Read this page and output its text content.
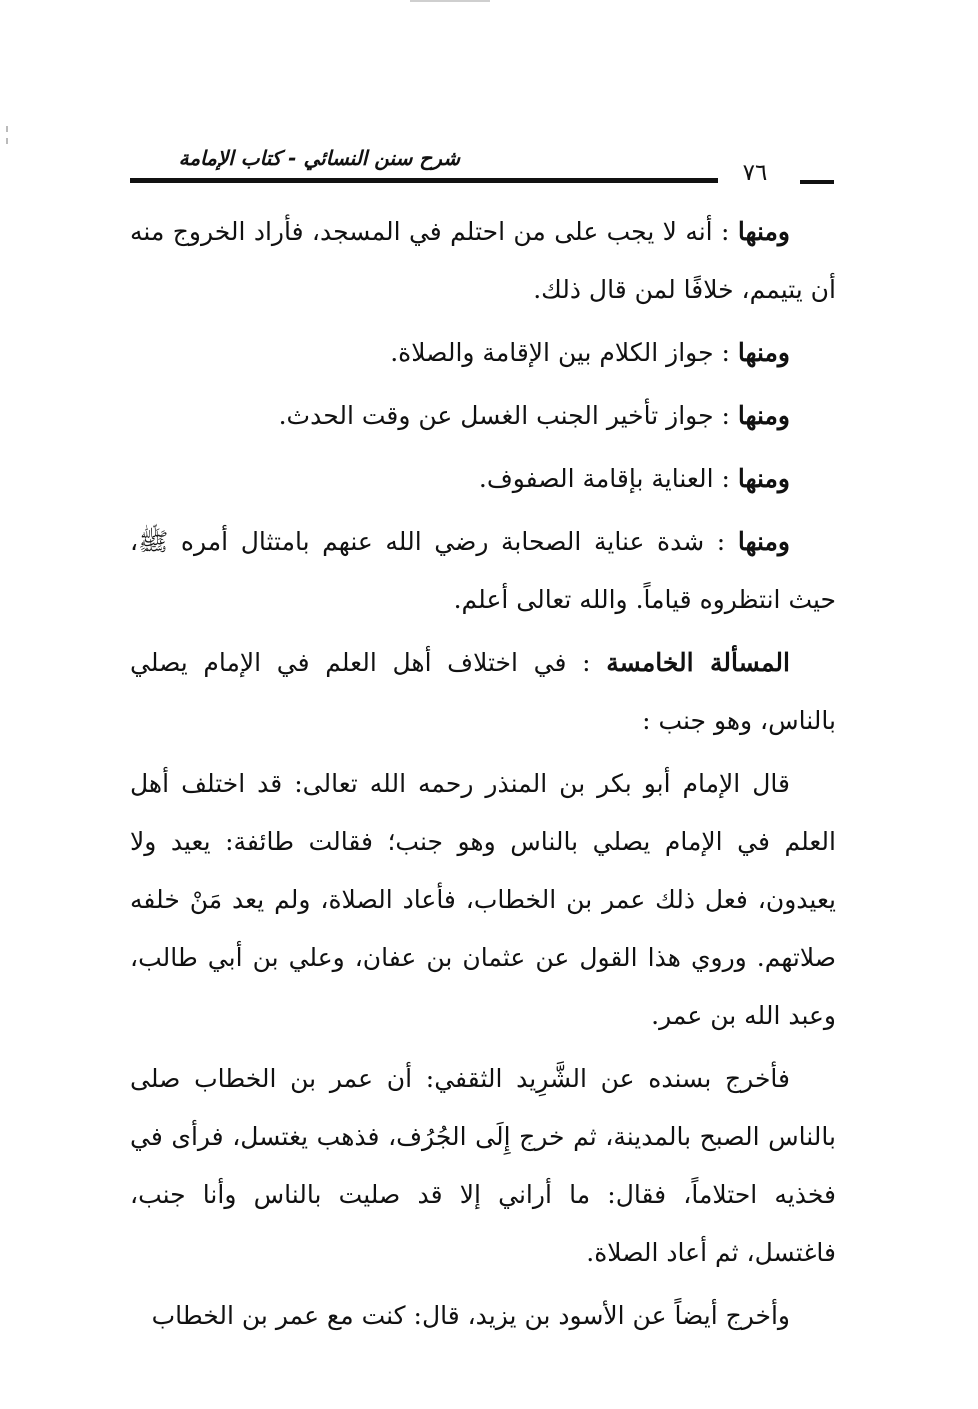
شرح سنن النسائي - كتاب الإمامة
٧٦

ومنها : أنه لا يجب على من احتلم في المسجد، فأراد الخروج منه أن يتيمم، خلافًا لمن قال ذلك.

ومنها : جواز الكلام بين الإقامة والصلاة.

ومنها : جواز تأخير الجنب الغسل عن وقت الحدث.

ومنها : العناية بإقامة الصفوف.

ومنها : شدة عناية الصحابة رضي الله عنهم بامتثال أمره ﷺ، حيث انتظروه قياماً. والله تعالى أعلم.

المسألة الخامسة : في اختلاف أهل العلم في الإمام يصلي بالناس، وهو جنب :

قال الإمام أبو بكر بن المنذر رحمه الله تعالى: قد اختلف أهل العلم في الإمام يصلي بالناس وهو جنب؛ فقالت طائفة: يعيد ولا يعيدون، فعل ذلك عمر بن الخطاب، فأعاد الصلاة، ولم يعد مَنْ خلفه صلاتهم. وروي هذا القول عن عثمان بن عفان، وعلي بن أبي طالب، وعبد الله بن عمر.

فأخرج بسنده عن الشَّرِيد الثقفي: أن عمر بن الخطاب صلى بالناس الصبح بالمدينة، ثم خرج إِلَى الجُرُف، فذهب يغتسل، فرأى في فخذيه احتلاماً، فقال: ما أراني إلا قد صليت بالناس وأنا جنب، فاغتسل، ثم أعاد الصلاة.

وأخرج أيضاً عن الأسود بن يزيد، قال: كنت مع عمر بن الخطاب
